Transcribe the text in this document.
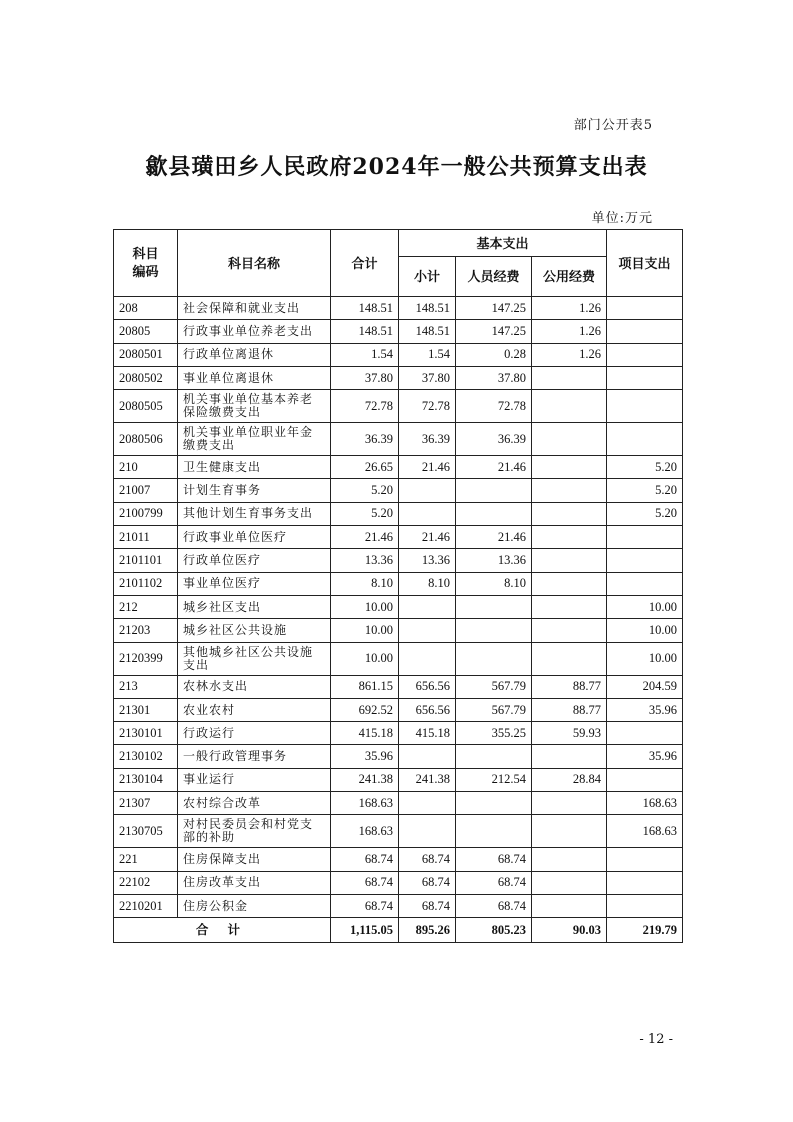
部门公开表5
歙县璜田乡人民政府2024年一般公共预算支出表
单位:万元
科目
编码	科目名称	合计	基本支出			项目支出
			小计	人员经费	公用经费	
208	社会保障和就业支出	148.51	148.51	147.25	1.26	
20805	行政事业单位养老支出	148.51	148.51	147.25	1.26	
2080501	行政单位离退休	1.54	1.54	0.28	1.26	
2080502	事业单位离退休	37.80	37.80	37.80		
2080505	机关事业单位基本养老保险缴费支出	72.78	72.78	72.78		
2080506	机关事业单位职业年金缴费支出	36.39	36.39	36.39		
210	卫生健康支出	26.65	21.46	21.46		5.20
21007	计划生育事务	5.20				5.20
2100799	其他计划生育事务支出	5.20				5.20
21011	行政事业单位医疗	21.46	21.46	21.46		
2101101	行政单位医疗	13.36	13.36	13.36		
2101102	事业单位医疗	8.10	8.10	8.10		
212	城乡社区支出	10.00				10.00
21203	城乡社区公共设施	10.00				10.00
2120399	其他城乡社区公共设施支出	10.00				10.00
213	农林水支出	861.15	656.56	567.79	88.77	204.59
21301	农业农村	692.52	656.56	567.79	88.77	35.96
2130101	行政运行	415.18	415.18	355.25	59.93	
2130102	一般行政管理事务	35.96				35.96
2130104	事业运行	241.38	241.38	212.54	28.84	
21307	农村综合改革	168.63				168.63
2130705	对村民委员会和村党支部的补助	168.63				168.63
221	住房保障支出	68.74	68.74	68.74		
22102	住房改革支出	68.74	68.74	68.74		
2210201	住房公积金	68.74	68.74	68.74		
合 计		1,115.05	895.26	805.23	90.03	219.79
- 12 -
